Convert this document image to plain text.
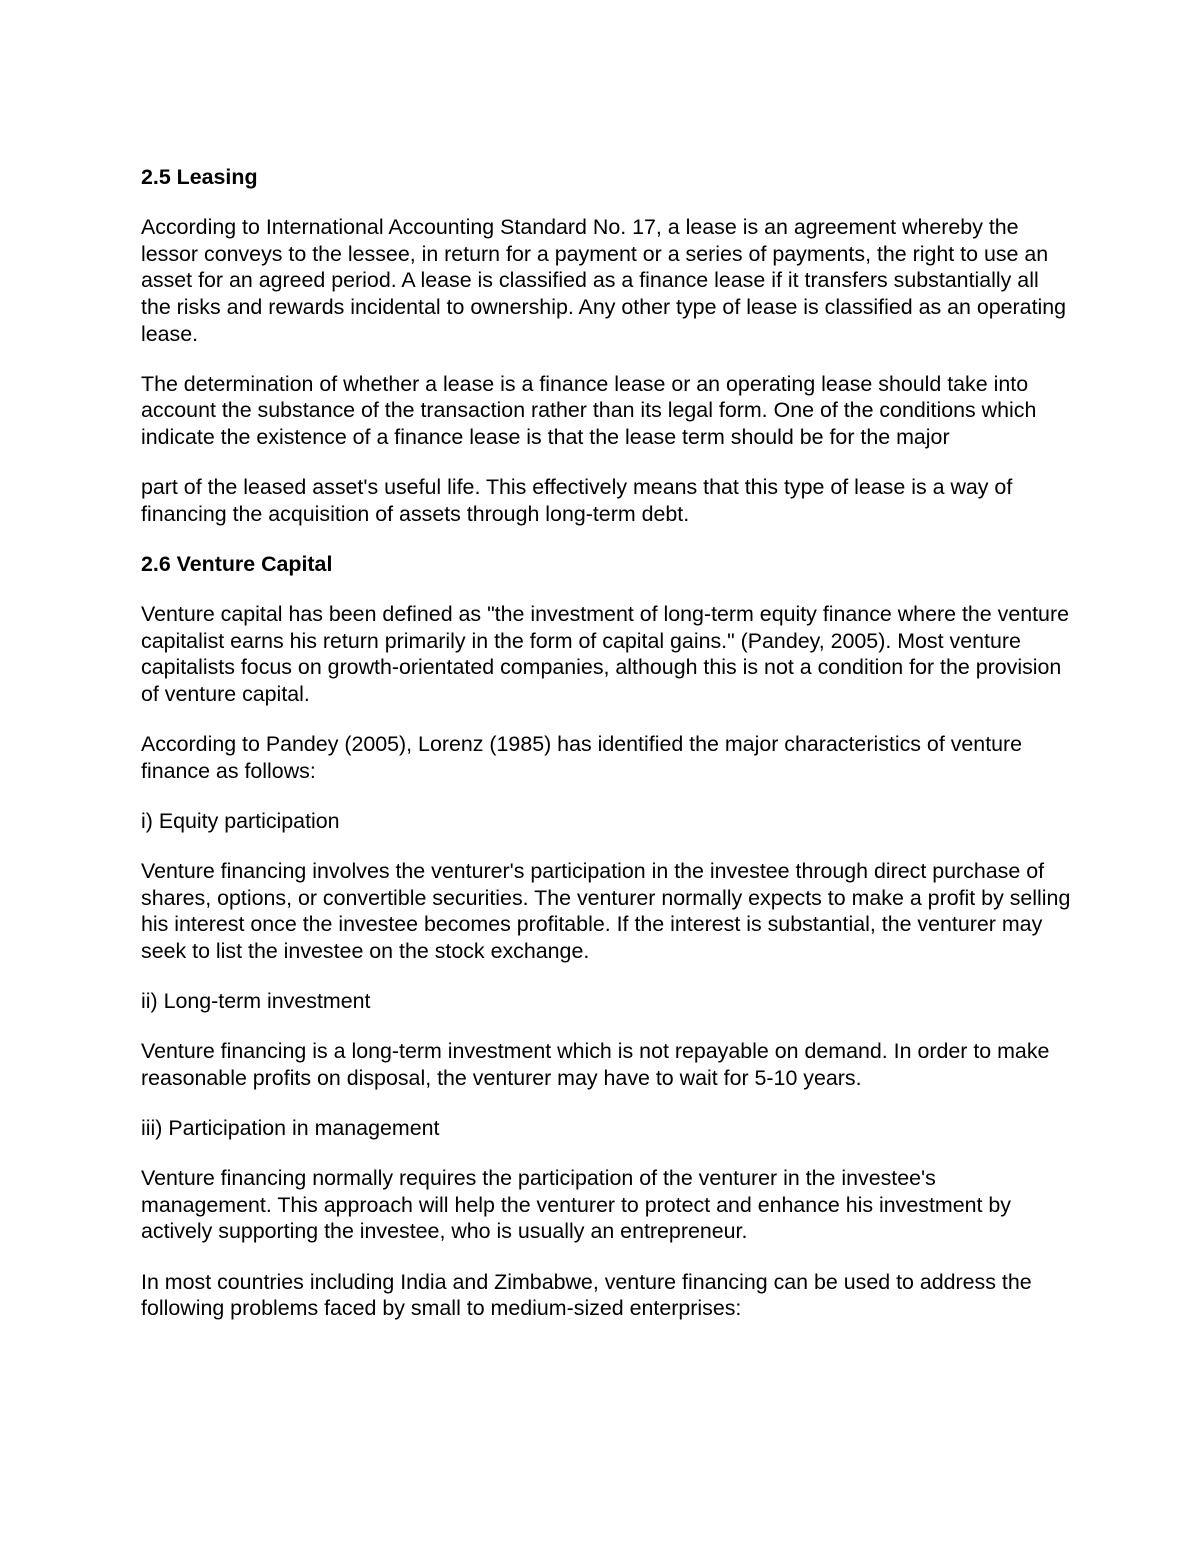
2.5 Leasing

According to International Accounting Standard No. 17, a lease is an agreement whereby the lessor conveys to the lessee, in return for a payment or a series of payments, the right to use an asset for an agreed period. A lease is classified as a finance lease if it transfers substantially all the risks and rewards incidental to ownership. Any other type of lease is classified as an operating lease.

The determination of whether a lease is a finance lease or an operating lease should take into account the substance of the transaction rather than its legal form. One of the conditions which indicate the existence of a finance lease is that the lease term should be for the major

part of the leased asset's useful life. This effectively means that this type of lease is a way of financing the acquisition of assets through long-term debt.

2.6 Venture Capital

Venture capital has been defined as "the investment of long-term equity finance where the venture capitalist earns his return primarily in the form of capital gains." (Pandey, 2005). Most venture capitalists focus on growth-orientated companies, although this is not a condition for the provision of venture capital.

According to Pandey (2005), Lorenz (1985) has identified the major characteristics of venture finance as follows:

i) Equity participation

Venture financing involves the venturer's participation in the investee through direct purchase of shares, options, or convertible securities. The venturer normally expects to make a profit by selling his interest once the investee becomes profitable. If the interest is substantial, the venturer may seek to list the investee on the stock exchange.

ii) Long-term investment

Venture financing is a long-term investment which is not repayable on demand. In order to make reasonable profits on disposal, the venturer may have to wait for 5-10 years.

iii) Participation in management

Venture financing normally requires the participation of the venturer in the investee's management. This approach will help the venturer to protect and enhance his investment by actively supporting the investee, who is usually an entrepreneur.

In most countries including India and Zimbabwe, venture financing can be used to address the following problems faced by small to medium-sized enterprises:
